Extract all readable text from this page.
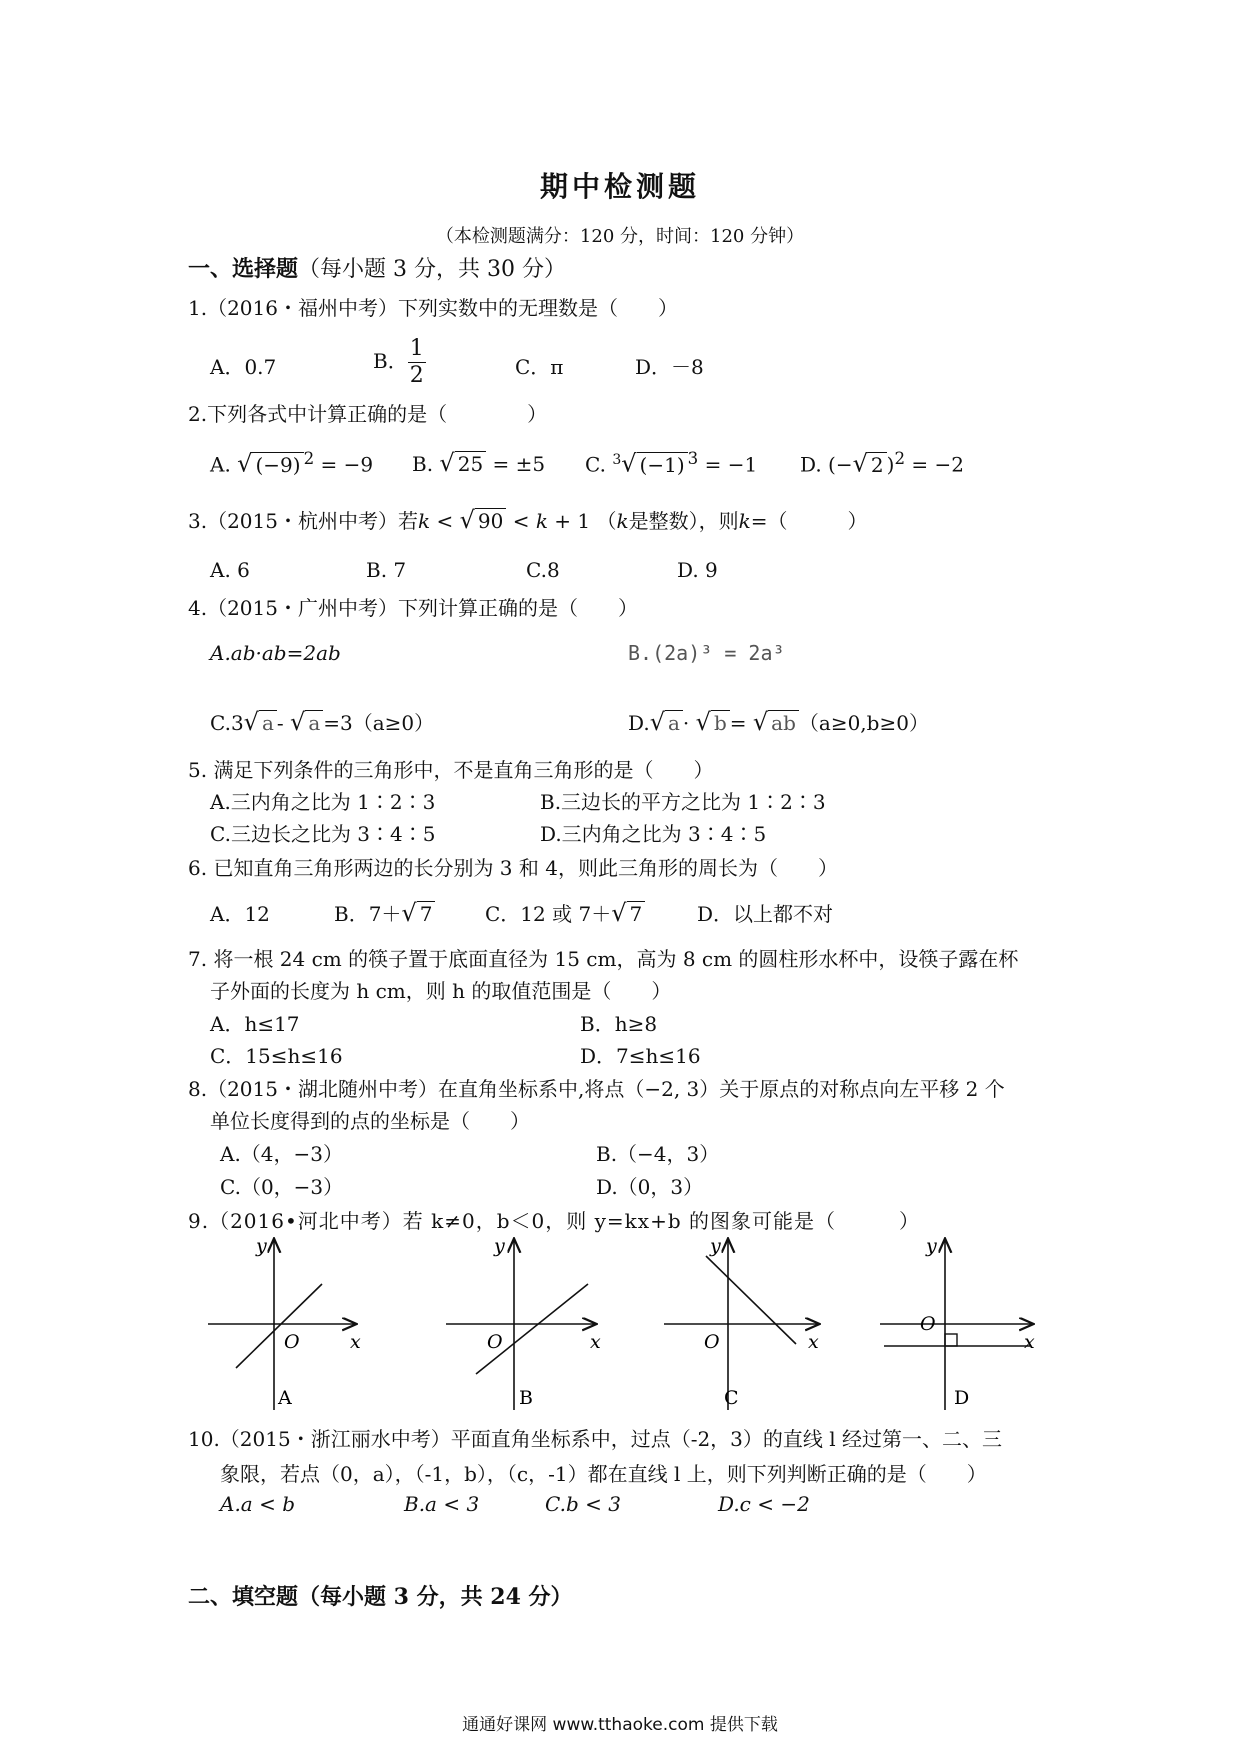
期中检测题
（本检测题满分：120 分，时间：120 分钟）
一、选择题（每小题 3 分，共 30 分）
1.（2016・福州中考）下列实数中的无理数是（　　）
A．0.7	B． $\frac{1}{2}$	C．π	D．－8
2.下列各式中计算正确的是（　　　　）
A. √ (−9) $^2$ = −9 B. √ 25 = ±5 C. $^3$√ (−1) $^3$ = −1 D. (−√ 2 )$^2$ = −2
3.（2015・杭州中考）若k < √ 90 < k + 1 （k是整数），则k=（　　　）
A. 6	B. 7	C.8	D. 9
4.（2015・广州中考）下列计算正确的是（　　）
A.ab·ab=2ab	B.(2a)³ = 2a³
C.3√ a - √ a =3（a≥0）	D.√ a · √ b = √ ab （a≥0,b≥0）
5. 满足下列条件的三角形中，不是直角三角形的是（　　）
A.三内角之比为 1∶2∶3	B.三边长的平方之比为 1∶2∶3
C.三边长之比为 3∶4∶5	D.三内角之比为 3∶4∶5
6. 已知直角三角形两边的长分别为 3 和 4，则此三角形的周长为（　　）
A．12	B．7＋√ 7	C．12 或 7＋√ 7	D．以上都不对
7. 将一根 24 cm 的筷子置于底面直径为 15 cm，高为 8 cm 的圆柱形水杯中，设筷子露在杯
子外面的长度为 h cm，则 h 的取值范围是（　　）
A．h≤17	B．h≥8
C．15≤h≤16	D．7≤h≤16
8.（2015・湖北随州中考）在直角坐标系中,将点（−2, 3）关于原点的对称点向左平移 2 个
单位长度得到的点的坐标是（　　）
A.（4，−3）	B.（−4，3）
C.（0，−3）	D.（0，3）
9.（2016•河北中考）若 k≠0，b＜0，则 y=kx+b 的图象可能是（　　　）
y
O	x
y
O	x
y
O	x
y
O
x
A	B	C	D
10.（2015・浙江丽水中考）平面直角坐标系中，过点（-2，3）的直线 l 经过第一、二、三
象限，若点（0，a），（-1，b），（c，-1）都在直线 l 上，则下列判断正确的是（　　）
A.a < b	B.a < 3	C.b < 3	D.c < −2
二、填空题（每小题 3 分，共 24 分）
通通好课网 www.tthaoke.com 提供下载
